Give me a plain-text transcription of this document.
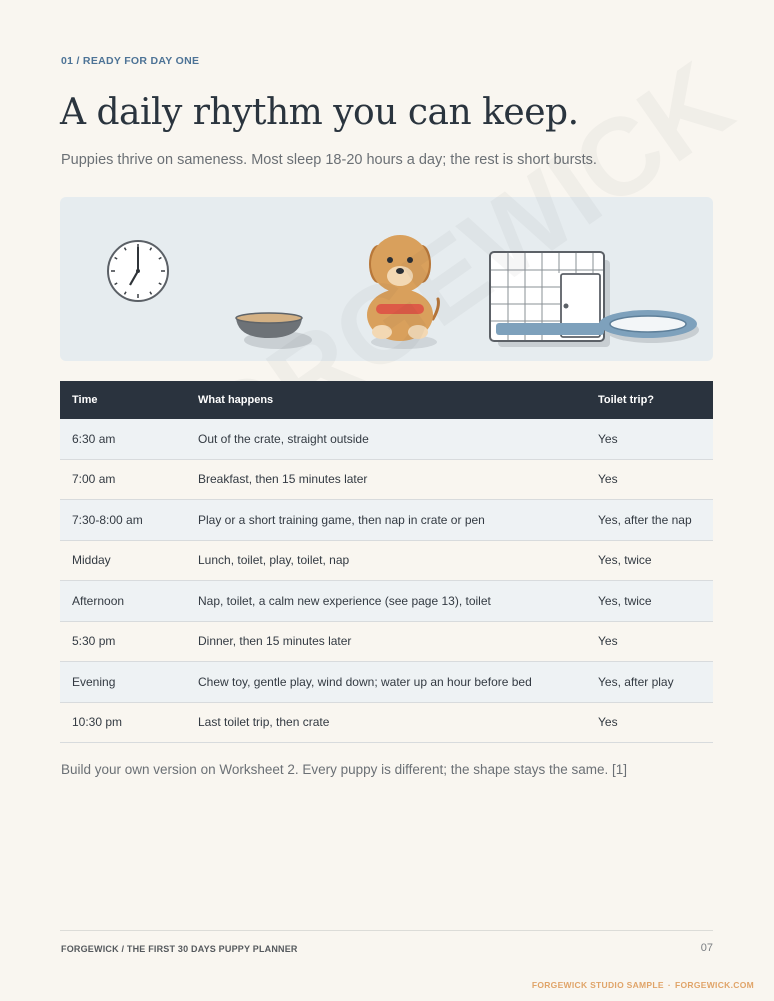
01 / READY FOR DAY ONE
A daily rhythm you can keep.
Puppies thrive on sameness. Most sleep 18-20 hours a day; the rest is short bursts.
Time	What happens	Toilet trip?
6:30 am	Out of the crate, straight outside	Yes
7:00 am	Breakfast, then 15 minutes later	Yes
7:30-8:00 am	Play or a short training game, then nap in crate or pen	Yes, after the nap
Midday	Lunch, toilet, play, toilet, nap	Yes, twice
Afternoon	Nap, toilet, a calm new experience (see page 13), toilet	Yes, twice
5:30 pm	Dinner, then 15 minutes later	Yes
Evening	Chew toy, gentle play, wind down; water up an hour before bed	Yes, after play
10:30 pm	Last toilet trip, then crate	Yes
Build your own version on Worksheet 2. Every puppy is different; the shape stays the same. [1]
FORGEWICK / THE FIRST 30 DAYS PUPPY PLANNER	07
FORGEWICK STUDIO SAMPLE · FORGEWICK.COM
